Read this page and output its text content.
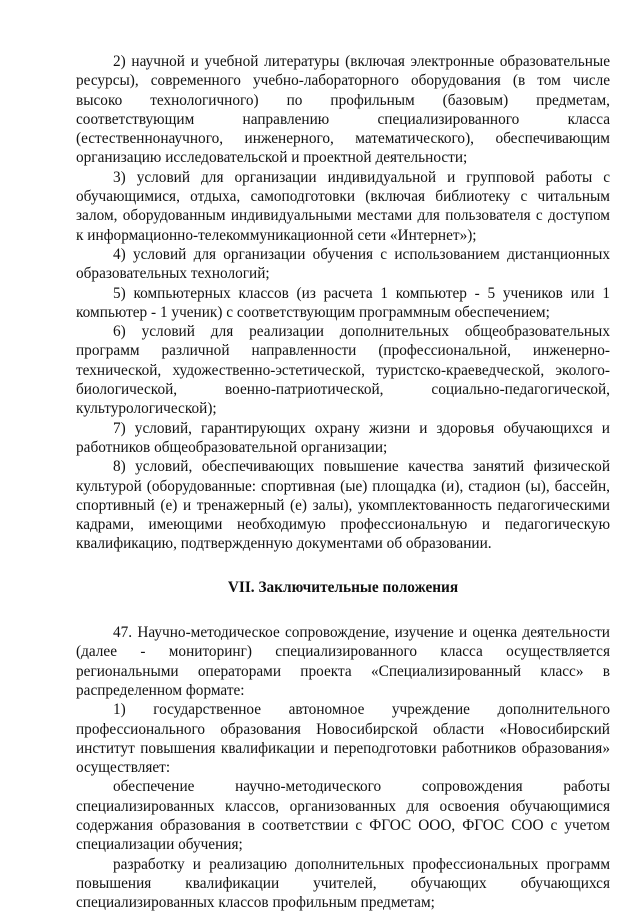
2) научной и учебной литературы (включая электронные образовательные ресурсы), современного учебно-лабораторного оборудования (в том числе высоко технологичного) по профильным (базовым) предметам, соответствующим направлению специализированного класса (естественнонаучного, инженерного, математического), обеспечивающим организацию исследовательской и проектной деятельности;

3) условий для организации индивидуальной и групповой работы с обучающимися, отдыха, самоподготовки (включая библиотеку с читальным залом, оборудованным индивидуальными местами для пользователя с доступом к информационно-телекоммуникационной сети «Интернет»);

4) условий для организации обучения с использованием дистанционных образовательных технологий;

5) компьютерных классов (из расчета 1 компьютер - 5 учеников или 1 компьютер - 1 ученик) с соответствующим программным обеспечением;

6) условий для реализации дополнительных общеобразовательных программ различной направленности (профессиональной, инженерно-технической, художественно-эстетической, туристско-краеведческой, эколого-биологической, военно-патриотической, социально-педагогической, культурологической);

7) условий, гарантирующих охрану жизни и здоровья обучающихся и работников общеобразовательной организации;

8) условий, обеспечивающих повышение качества занятий физической культурой (оборудованные: спортивная (ые) площадка (и), стадион (ы), бассейн, спортивный (е) и тренажерный (е) залы), укомплектованность педагогическими кадрами, имеющими необходимую профессиональную и педагогическую квалификацию, подтвержденную документами об образовании.

VII. Заключительные положения

47. Научно-методическое сопровождение, изучение и оценка деятельности (далее - мониторинг) специализированного класса осуществляется региональными операторами проекта «Специализированный класс» в распределенном формате:

1) государственное автономное учреждение дополнительного профессионального образования Новосибирской области «Новосибирский институт повышения квалификации и переподготовки работников образования» осуществляет:

обеспечение научно-методического сопровождения работы специализированных классов, организованных для освоения обучающимися содержания образования в соответствии с ФГОС ООО, ФГОС СОО с учетом специализации обучения;

разработку и реализацию дополнительных профессиональных программ повышения квалификации учителей, обучающих обучающихся специализированных классов профильным предметам;
